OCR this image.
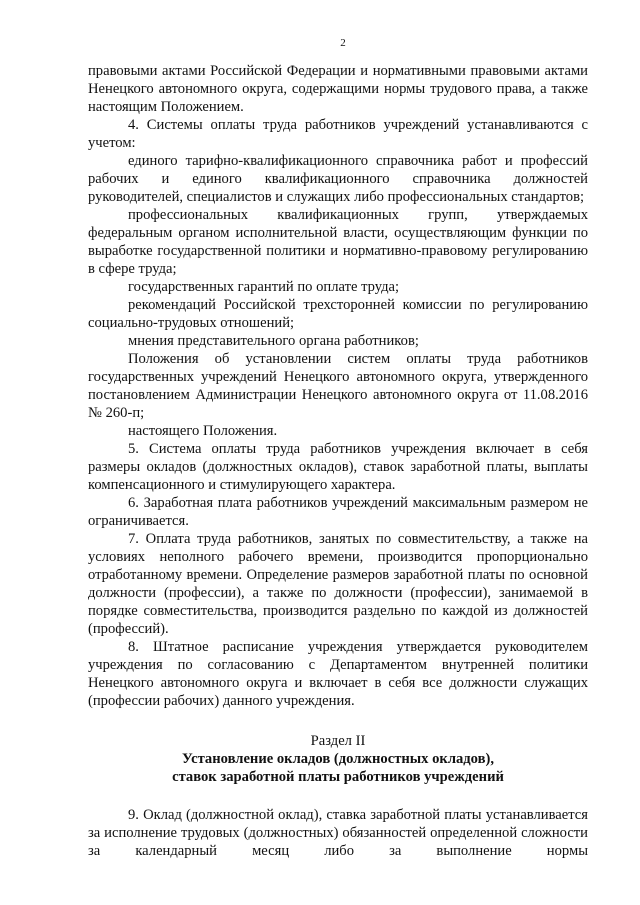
2

правовыми актами Российской Федерации и нормативными правовыми актами Ненецкого автономного округа, содержащими нормы трудового права, а также настоящим Положением.

4. Системы оплаты труда работников учреждений устанавливаются с учетом:

единого тарифно-квалификационного справочника работ и профессий рабочих и единого квалификационного справочника должностей руководителей, специалистов и служащих либо профессиональных стандартов;

профессиональных квалификационных групп, утверждаемых федеральным органом исполнительной власти, осуществляющим функции по выработке государственной политики и нормативно-правовому регулированию в сфере труда;

государственных гарантий по оплате труда;

рекомендаций Российской трехсторонней комиссии по регулированию социально-трудовых отношений;

мнения представительного органа работников;

Положения об установлении систем оплаты труда работников государственных учреждений Ненецкого автономного округа, утвержденного постановлением Администрации Ненецкого автономного округа от 11.08.2016 № 260-п;

настоящего Положения.

5. Система оплаты труда работников учреждения включает в себя размеры окладов (должностных окладов), ставок заработной платы, выплаты компенсационного и стимулирующего характера.

6. Заработная плата работников учреждений максимальным размером не ограничивается.

7. Оплата труда работников, занятых по совместительству, а также на условиях неполного рабочего времени, производится пропорционально отработанному времени. Определение размеров заработной платы по основной должности (профессии), а также по должности (профессии), занимаемой в порядке совместительства, производится раздельно по каждой из должностей (профессий).

8. Штатное расписание учреждения утверждается руководителем учреждения по согласованию с Департаментом внутренней политики Ненецкого автономного округа и включает в себя все должности служащих (профессии рабочих) данного учреждения.

Раздел II

Установление окладов (должностных окладов),

ставок заработной платы работников учреждений

9. Оклад (должностной оклад), ставка заработной платы устанавливается за исполнение трудовых (должностных) обязанностей определенной сложности за календарный месяц либо за выполнение нормы
